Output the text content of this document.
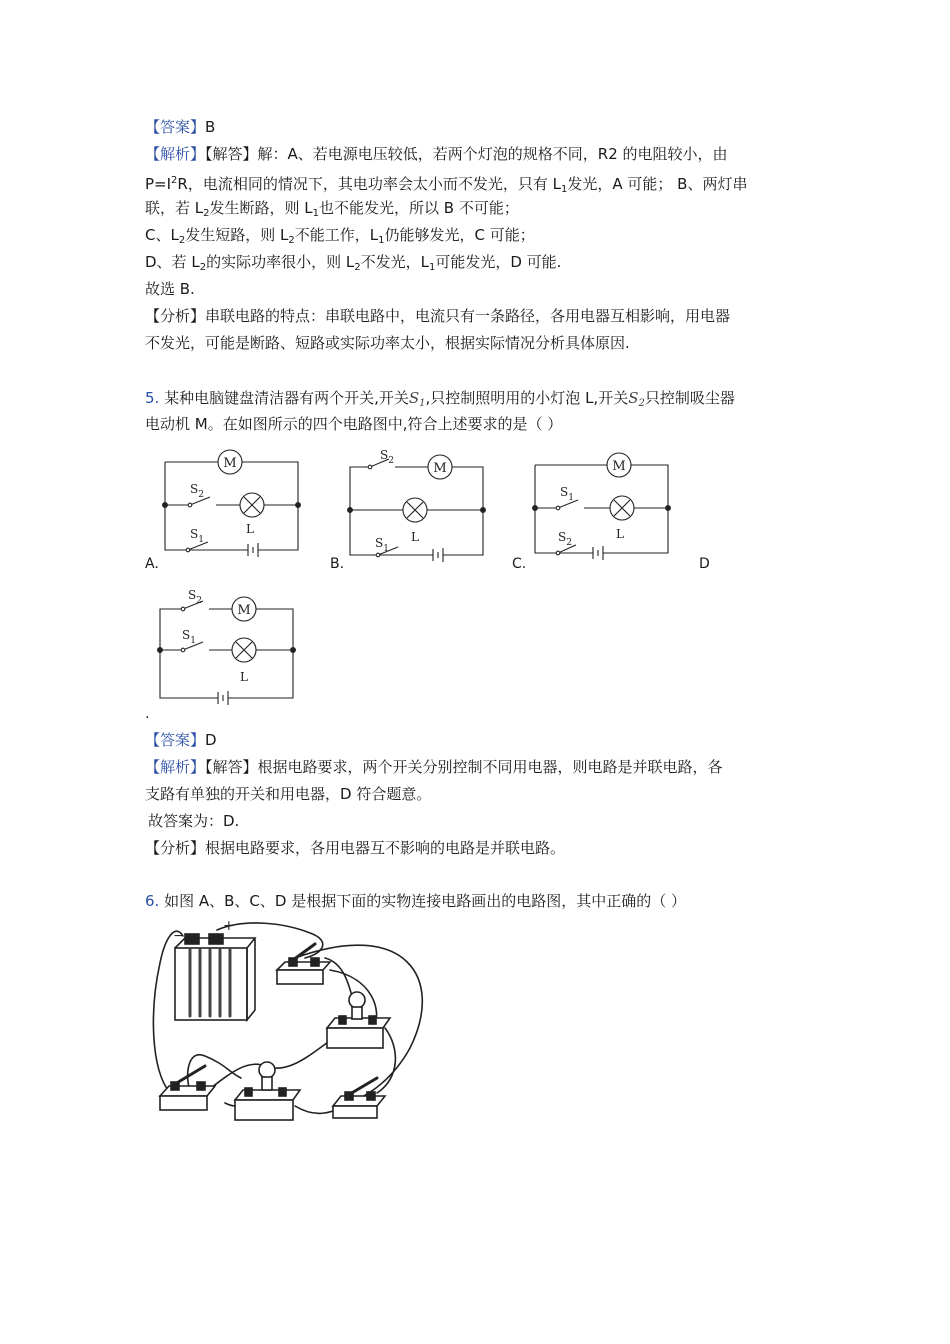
【答案】B
【解析】【解答】解：A、若电源电压较低，若两个灯泡的规格不同，R2 的电阻较小，由
$P=I^2R$，电流相同的情况下，其电功率会太小而不发光，只有 $L_1$发光，A 可能； B、两灯串
联，若 $L_2$发生断路，则 $L_1$也不能发光，所以 B 不可能；
C、$L_2$发生短路，则 $L_2$不能工作，$L_1$仍能够发光，C 可能；
D、若 $L_2$的实际功率很小，则 $L_2$不发光，$L_1$可能发光，D 可能.
故选 B.
【分析】串联电路的特点：串联电路中，电流只有一条路径，各用电器互相影响，用电器
不发光，可能是断路、短路或实际功率太小，根据实际情况分析具体原因.
5. 某种电脑键盘清洁器有两个开关,开关$S_1$,只控制照明用的小灯泡 L,开关$S_2$只控制吸尘器
电动机 M。在如图所示的四个电路图中,符合上述要求的是（ ）
M
$S_2$
$S_1$
L
A.
M
$S_2$
$S_1$
L
B.
M
$S_1$
$S_2$
L
C.	D
M
$S_2$
$S_1$
L
.
【答案】D
【解析】【解答】根据电路要求，两个开关分别控制不同用电器，则电路是并联电路，各
支路有单独的开关和用电器，D 符合题意。
故答案为：D.
【分析】根据电路要求，各用电器互不影响的电路是并联电路。
6. 如图 A、B、C、D 是根据下面的实物连接电路画出的电路图，其中正确的（ ）
−
+
